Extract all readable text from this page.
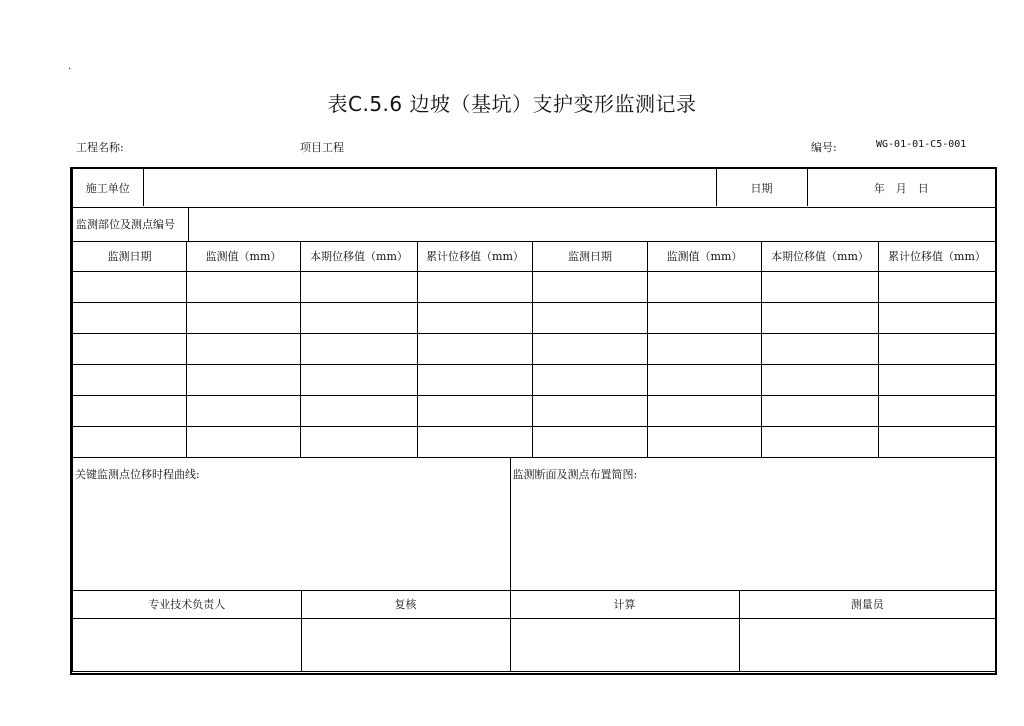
.
表C.5.6 边坡（基坑）支护变形监测记录
工程名称:	项目工程	编号:	WG-01-01-C5-001
施工单位		日期	年　月　日

监测部位及测点编号	

监测日期	监测值（mm）	本期位移值（mm）	累计位移值（mm）	监测日期	监测值（mm）	本期位移值（mm）	累计位移值（mm）

关键监测点位移时程曲线:	监测断面及测点布置简图:

专业技术负责人	复核	计算	测量员
